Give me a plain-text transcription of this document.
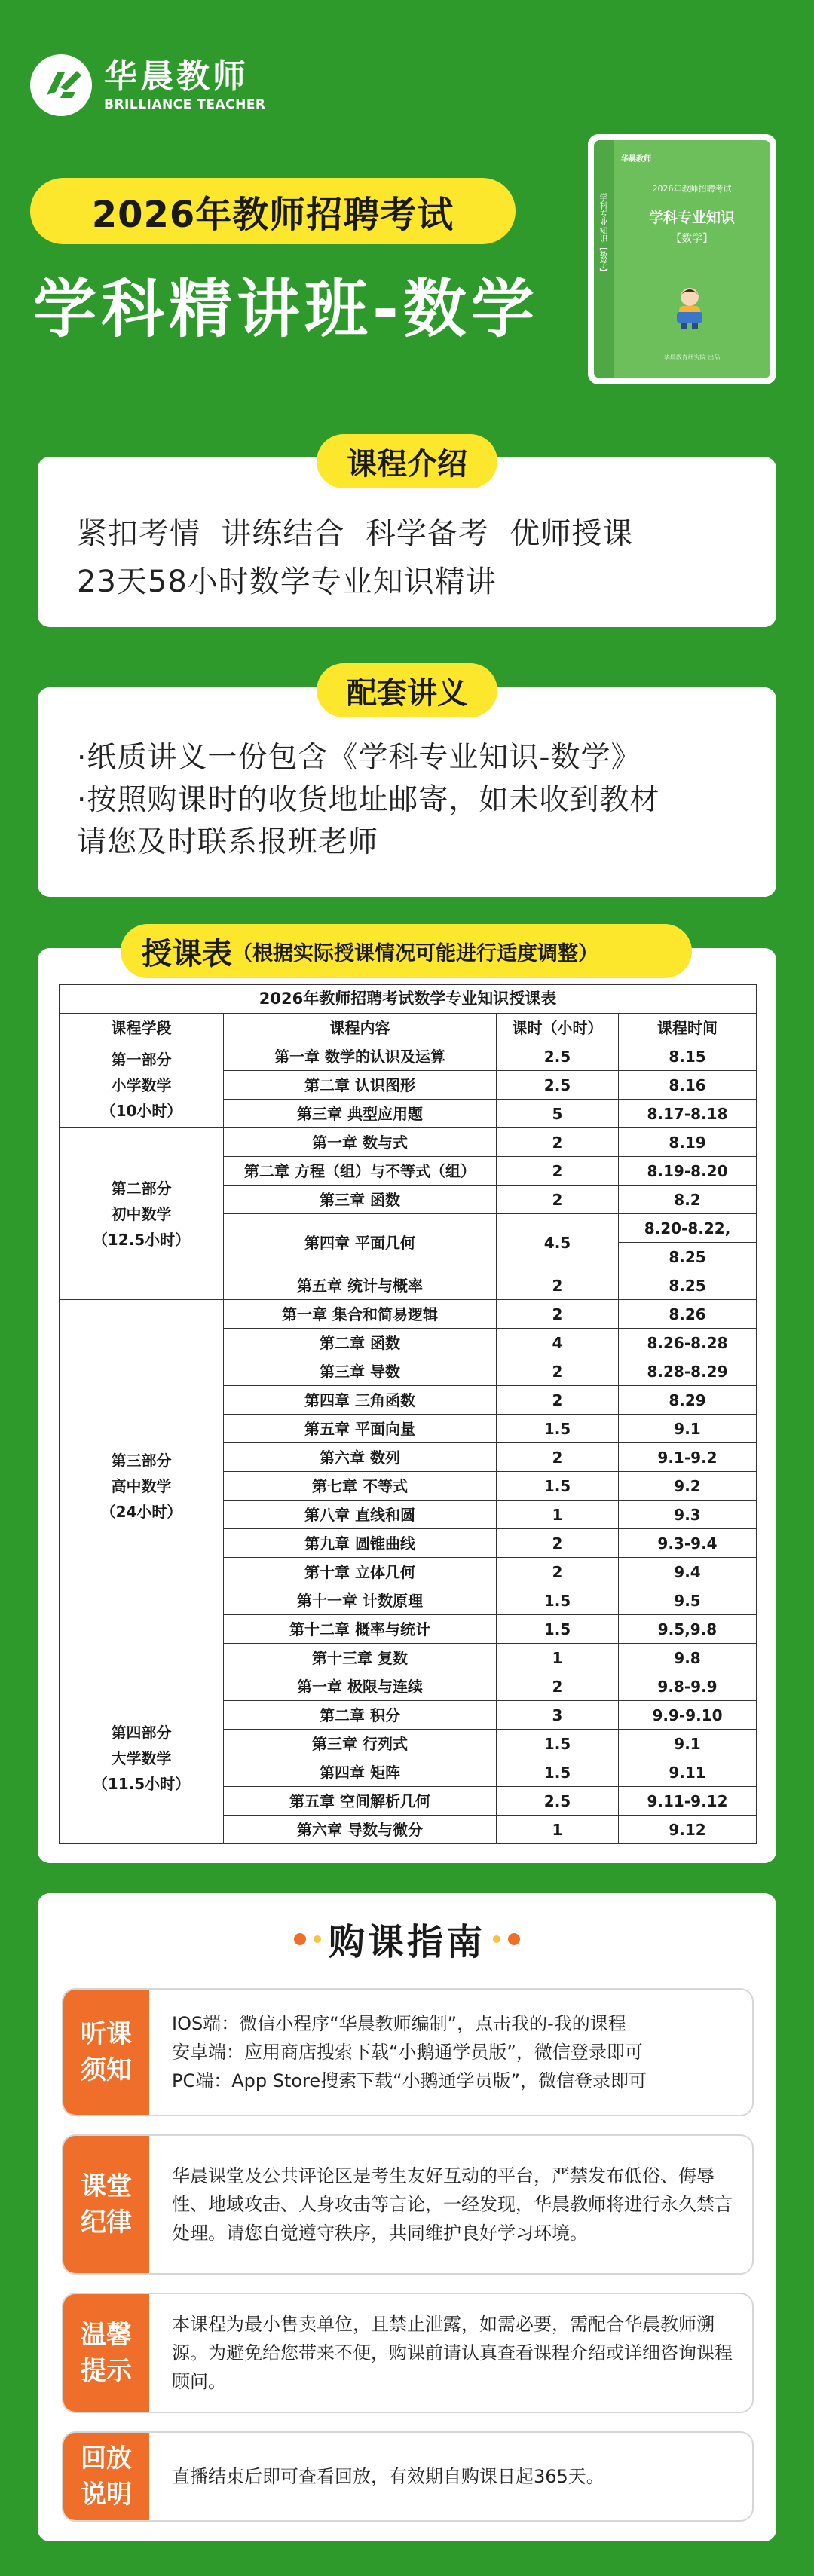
华晨教师
BRILLIANCE TEACHER
2026年教师招聘考试
学科精讲班-数学
学科专业知识【数学】
华晨教师
2026年教师招聘考试
学科专业知识
【数学】
华晨教育研究院 出品
紧扣考情  讲练结合  科学备考  优师授课
23天58小时数学专业知识精讲
课程介绍
·纸质讲义一份包含《学科专业知识-数学》
·按照购课时的收货地址邮寄，如未收到教材
请您及时联系报班老师
配套讲义
2026年教师招聘考试数学专业知识授课表			
课程学段	课程内容	课时（小时）	课程时间

第一部分
小学数学
（10小时）	第一章 数学的认识及运算	2.5	8.15
	第二章 认识图形	2.5	8.16
	第三章 典型应用题	5	8.17-8.18

第二部分
初中数学
（12.5小时）	第一章 数与式	2	8.19
	第二章 方程（组）与不等式（组）	2	8.19-8.20
	第三章 函数	2	8.2
	第四章 平面几何	4.5	8.20-8.22,
			8.25
	第五章 统计与概率	2	8.25

第三部分
高中数学
（24小时）	第一章 集合和简易逻辑	2	8.26
	第二章 函数	4	8.26-8.28
	第三章 导数	2	8.28-8.29
	第四章 三角函数	2	8.29
	第五章 平面向量	1.5	9.1
	第六章 数列	2	9.1-9.2
	第七章 不等式	1.5	9.2
	第八章 直线和圆	1	9.3
	第九章 圆锥曲线	2	9.3-9.4
	第十章 立体几何	2	9.4
	第十一章 计数原理	1.5	9.5
	第十二章 概率与统计	1.5	9.5,9.8
	第十三章 复数	1	9.8

第四部分
大学数学
（11.5小时）	第一章 极限与连续	2	9.8-9.9
	第二章 积分	3	9.9-9.10
	第三章 行列式	1.5	9.1
	第四章 矩阵	1.5	9.11
	第五章 空间解析几何	2.5	9.11-9.12
	第六章 导数与微分	1	9.12
授课表 （根据实际授课情况可能进行适度调整）
购课指南
听课须知
IOS端：微信小程序“华晨教师编制”，点击我的-我的课程
安卓端：应用商店搜索下载“小鹅通学员版”，微信登录即可
PC端：App Store搜索下载“小鹅通学员版”，微信登录即可
课堂纪律
华晨课堂及公共评论区是考生友好互动的平台，严禁发布低俗、侮辱性、地域攻击、人身攻击等言论，一经发现，华晨教师将进行永久禁言处理。请您自觉遵守秩序，共同维护良好学习环境。
温馨提示
本课程为最小售卖单位，且禁止泄露，如需必要，需配合华晨教师溯源。为避免给您带来不便，购课前请认真查看课程介绍或详细咨询课程顾问。
回放说明
直播结束后即可查看回放，有效期自购课日起365天。
